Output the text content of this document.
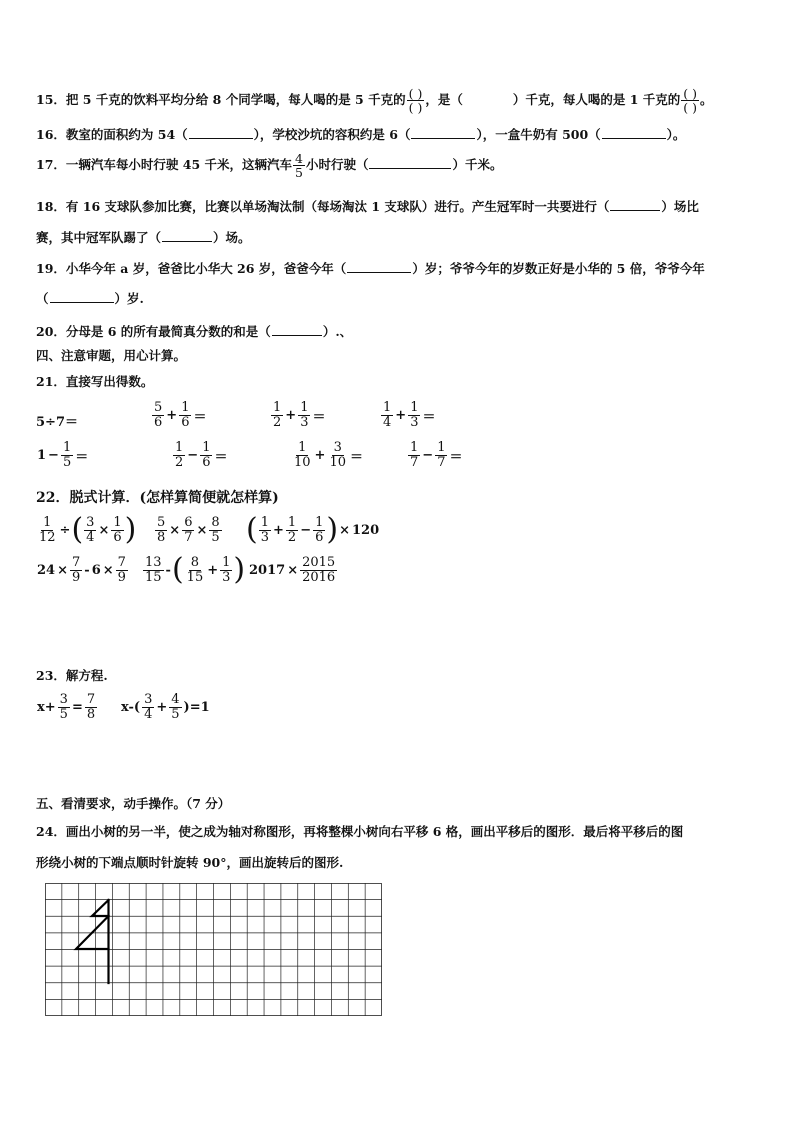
15．把 5 千克的饮料平均分给 8 个同学喝，每人喝的是 5 千克的 $\frac{( )}{( )}$ ，是（	）千克，每人喝的是 1 千克的 $\frac{( )}{( )}$ 。
16．教室的面积约为 54（	），学校沙坑的容积约是 6（	），一盒牛奶有 500（	）。
17．一辆汽车每小时行驶 45 千米，这辆汽车 $\frac{4}{5}$ 小时行驶（	）千米。
18．有 16 支球队参加比赛，比赛以单场淘汰制（每场淘汰 1 支球队）进行。产生冠军时一共要进行（	）场比
赛，其中冠军队踢了（	）场。
19．小华今年 a 岁，爸爸比小华大 26 岁，爸爸今年（	）岁；爷爷今年的岁数正好是小华的 5 倍，爷爷今年
（	）岁.
20．分母是 6 的所有最简真分数的和是（	）.、
四、注意审题，用心计算。
21．直接写出得数。
5÷7＝	$\frac{5}{6} + \frac{1}{6}$ ＝	$\frac{1}{2} + \frac{1}{3}$ ＝	$\frac{1}{4} + \frac{1}{3}$ ＝
$1 - \frac{1}{5}$ ＝	$\frac{1}{2} - \frac{1}{6}$ ＝	$\frac{1}{10} + \frac{3}{10}$ ＝	$\frac{1}{7} - \frac{1}{7}$ ＝
22．脱式计算．(怎样算简便就怎样算)
$\frac{1}{12}$ ÷( $\frac{3}{4} \times \frac{1}{6}$ ) $\frac{5}{8} \times \frac{6}{7} \times \frac{8}{5}$ ( $\frac{1}{3} + \frac{1}{2} - \frac{1}{6}$ )× 120
$24 \times \frac{7}{9} - 6 \times \frac{7}{9} \frac{13}{15}$ -( $\frac{8}{15} + \frac{1}{3}$ ) $2017 \times \frac{2015}{2016}$
23．解方程.
$x+ \frac{3}{5} = \frac{7}{8} x-( \frac{3}{4} + \frac{4}{5} )=1$
五、看清要求，动手操作。（7 分）
24．画出小树的另一半，使之成为轴对称图形，再将整棵小树向右平移 6 格，画出平移后的图形．最后将平移后的图
形绕小树的下端点顺时针旋转 90°，画出旋转后的图形.
